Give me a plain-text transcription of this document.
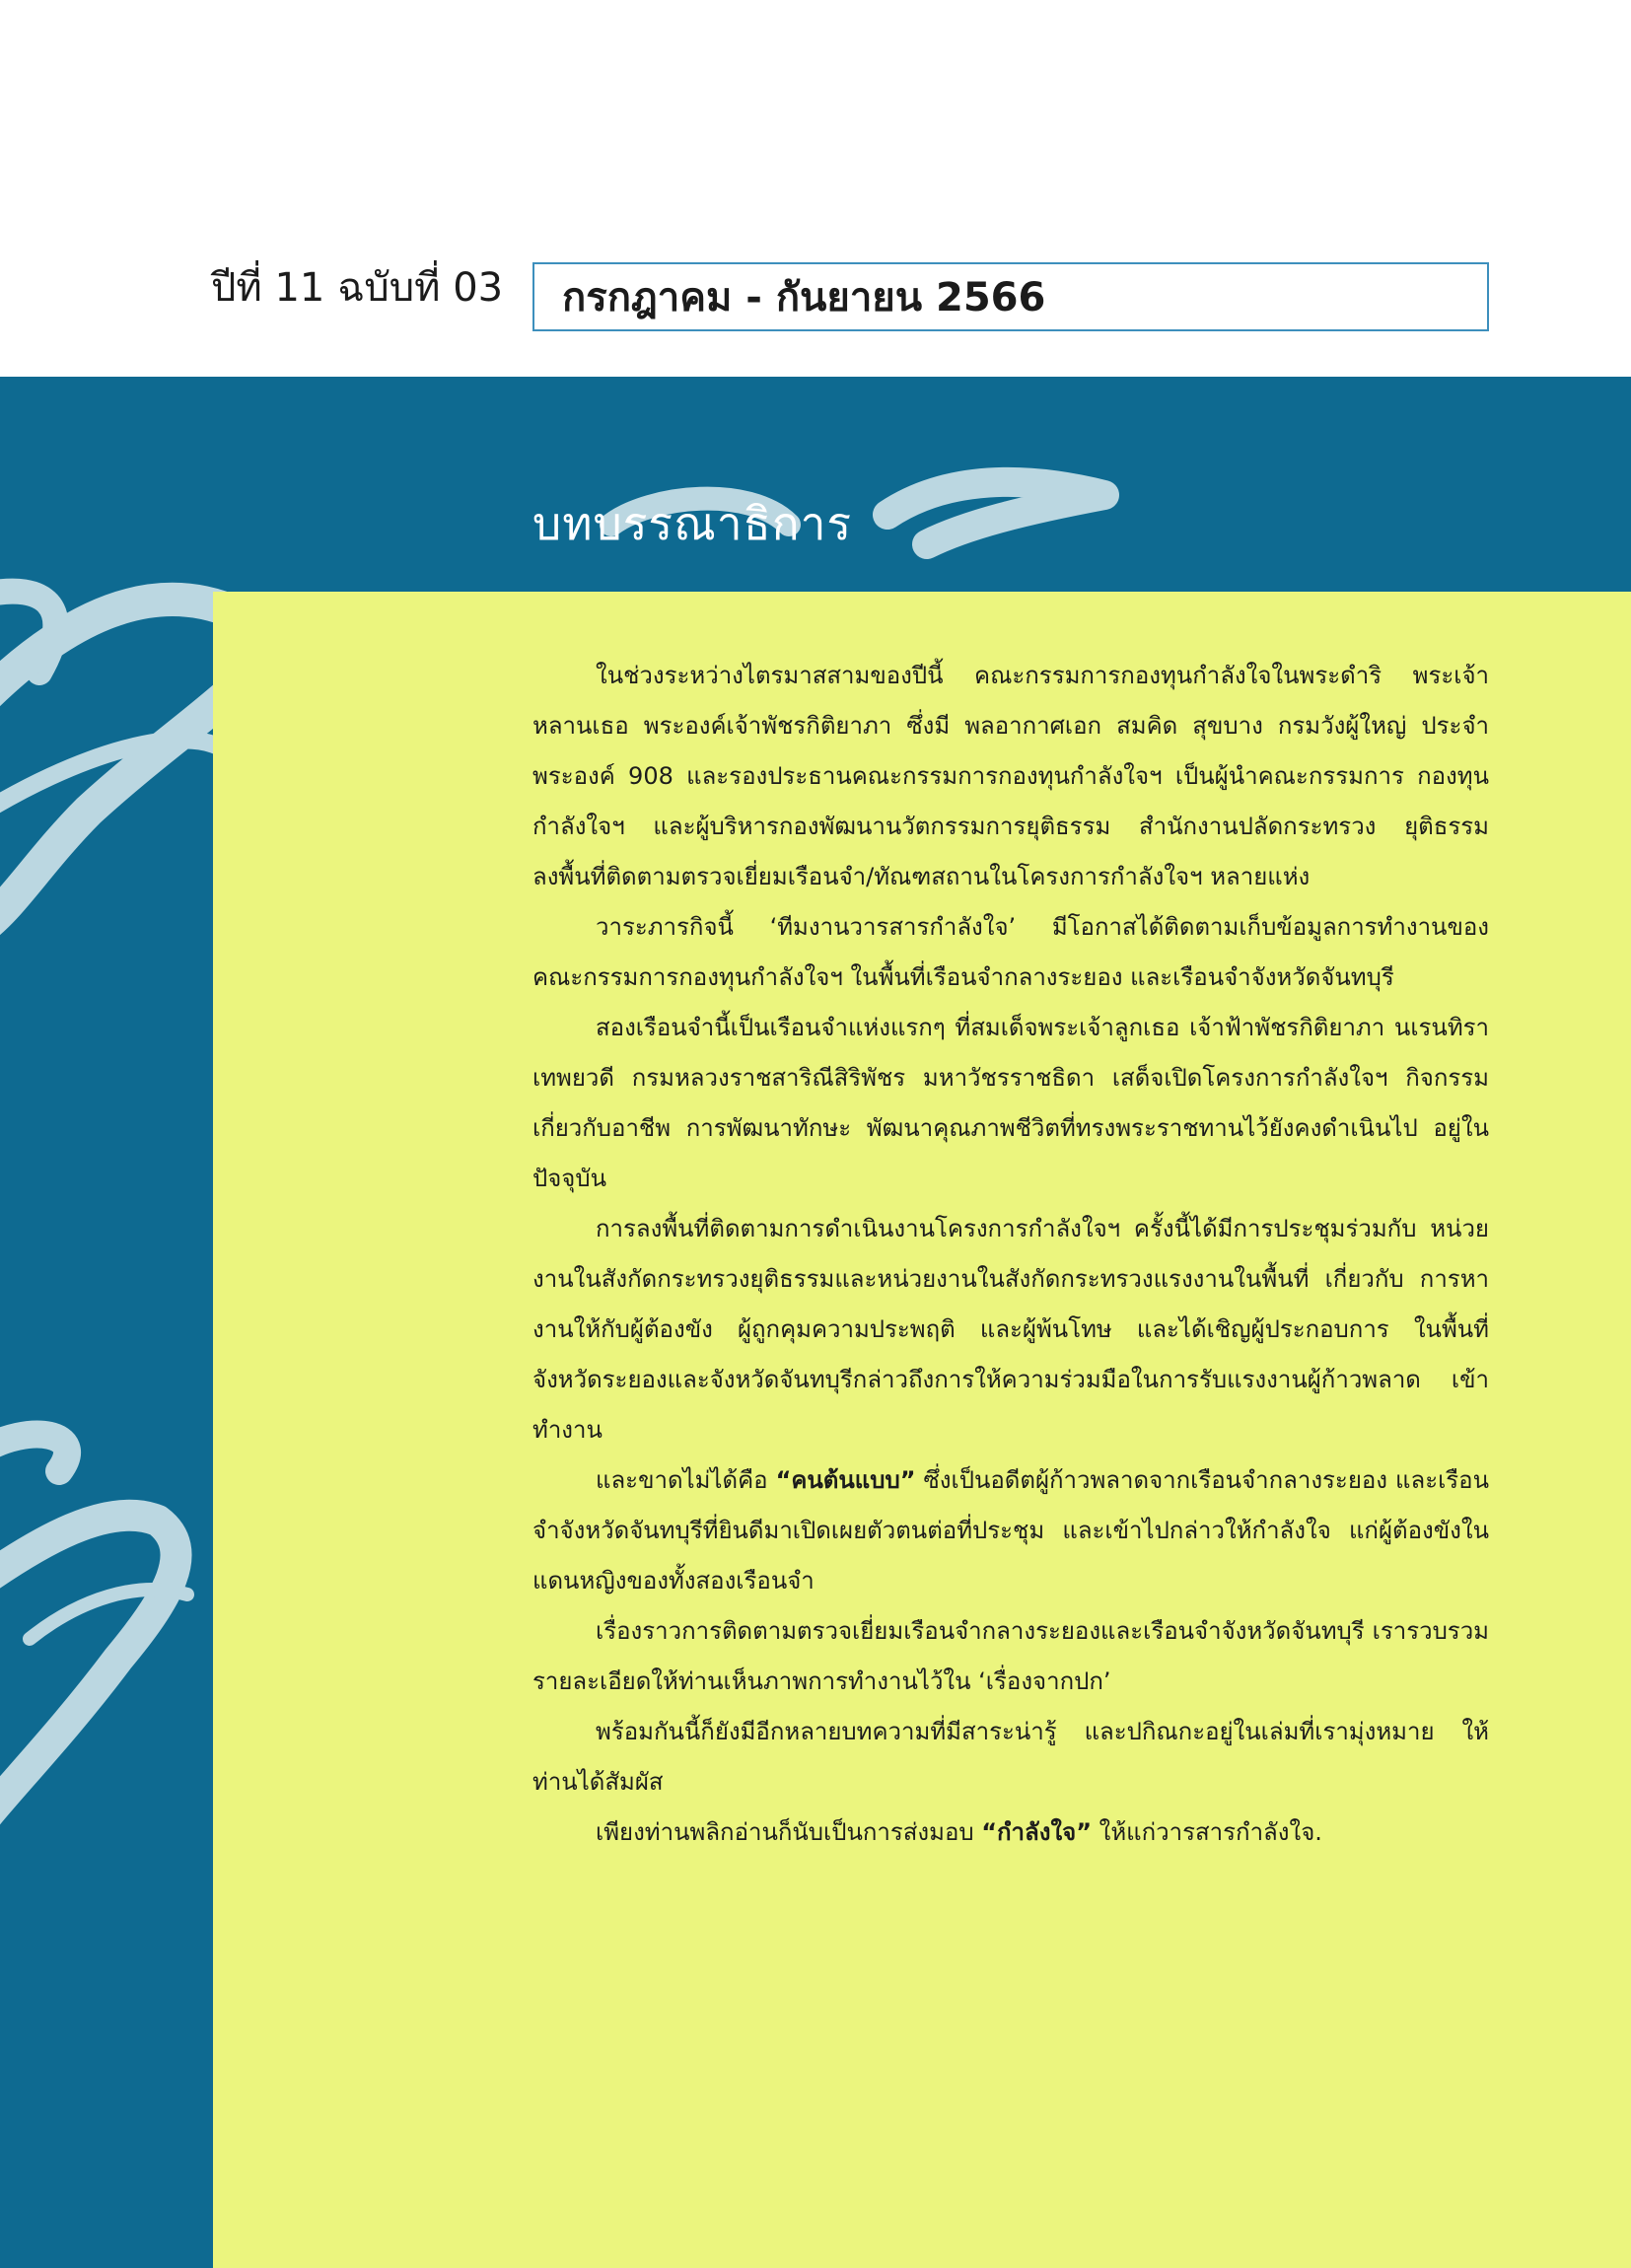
ปีที่ 11 ฉบับที่ 03 กรกฎาคม - กันยายน 2566
บทบรรณาธิการ

ในช่วงระหว่างไตรมาสสามของปีนี้ คณะกรรมการกองทุนกำลังใจในพระดำริ พระเจ้าหลานเธอ พระองค์เจ้าพัชรกิติยาภา ซึ่งมี พลอากาศเอก สมคิด สุขบาง กรมวังผู้ใหญ่ ประจำพระองค์ 908 และรองประธานคณะกรรมการกองทุนกำลังใจฯ เป็นผู้นำคณะกรรมการ กองทุนกำลังใจฯ และผู้บริหารกองพัฒนานวัตกรรมการยุติธรรม สำนักงานปลัดกระทรวง ยุติธรรม ลงพื้นที่ติดตามตรวจเยี่ยมเรือนจำ/ทัณฑสถานในโครงการกำลังใจฯ หลายแห่ง

วาระภารกิจนี้ ‘ทีมงานวารสารกำลังใจ’ มีโอกาสได้ติดตามเก็บข้อมูลการทำงานของ คณะกรรมการกองทุนกำลังใจฯ ในพื้นที่เรือนจำกลางระยอง และเรือนจำจังหวัดจันทบุรี

สองเรือนจำนี้เป็นเรือนจำแห่งแรกๆ ที่สมเด็จพระเจ้าลูกเธอ เจ้าฟ้าพัชรกิติยาภา นเรนทิราเทพยวดี กรมหลวงราชสาริณีสิริพัชร มหาวัชรราชธิดา เสด็จเปิดโครงการกำลังใจฯ กิจกรรมเกี่ยวกับอาชีพ การพัฒนาทักษะ พัฒนาคุณภาพชีวิตที่ทรงพระราชทานไว้ยังคงดำเนินไป อยู่ในปัจจุบัน

การลงพื้นที่ติดตามการดำเนินงานโครงการกำลังใจฯ ครั้งนี้ได้มีการประชุมร่วมกับ หน่วยงานในสังกัดกระทรวงยุติธรรมและหน่วยงานในสังกัดกระทรวงแรงงานในพื้นที่ เกี่ยวกับ การหางานให้กับผู้ต้องขัง ผู้ถูกคุมความประพฤติ และผู้พ้นโทษ และได้เชิญผู้ประกอบการ ในพื้นที่จังหวัดระยองและจังหวัดจันทบุรีกล่าวถึงการให้ความร่วมมือในการรับแรงงานผู้ก้าวพลาด เข้าทำงาน

และขาดไม่ได้คือ “คนต้นแบบ” ซึ่งเป็นอดีตผู้ก้าวพลาดจากเรือนจำกลางระยอง และเรือนจำจังหวัดจันทบุรีที่ยินดีมาเปิดเผยตัวตนต่อที่ประชุม และเข้าไปกล่าวให้กำลังใจ แก่ผู้ต้องขังในแดนหญิงของทั้งสองเรือนจำ

เรื่องราวการติดตามตรวจเยี่ยมเรือนจำกลางระยองและเรือนจำจังหวัดจันทบุรี เรารวบรวม รายละเอียดให้ท่านเห็นภาพการทำงานไว้ใน ‘เรื่องจากปก’

พร้อมกันนี้ก็ยังมีอีกหลายบทความที่มีสาระน่ารู้ และปกิณกะอยู่ในเล่มที่เรามุ่งหมาย ให้ท่านได้สัมผัส

เพียงท่านพลิกอ่านก็นับเป็นการส่งมอบ “กำลังใจ” ให้แก่วารสารกำลังใจ.
